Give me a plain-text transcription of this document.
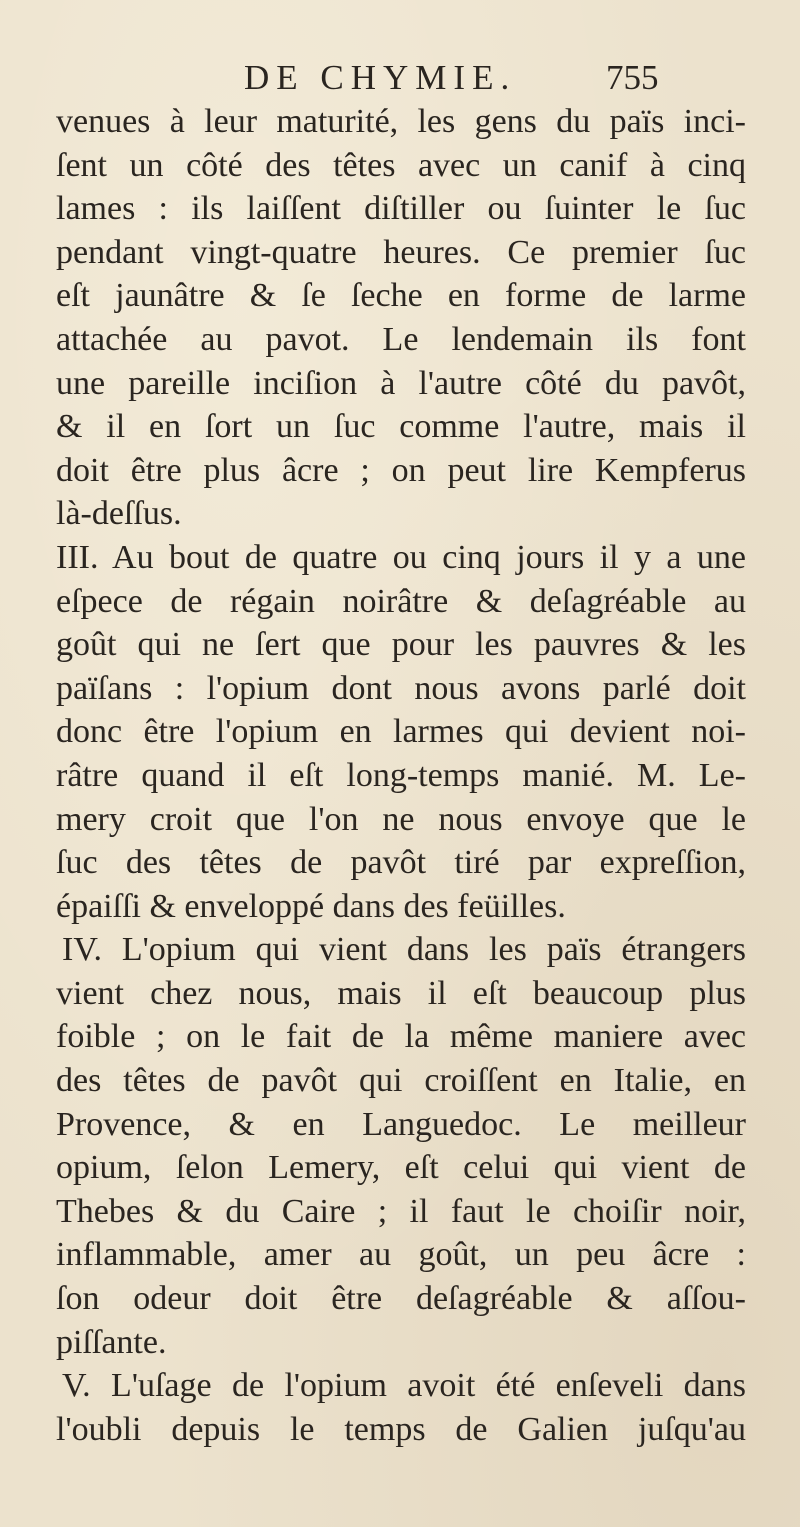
DE CHYMIE.	755
venues à leur maturité, les gens du païs inci-
ſent un côté des têtes avec un canif à cinq
lames : ils laiſſent diſtiller ou ſuinter le ſuc
pendant vingt-quatre heures. Ce premier ſuc
eſt jaunâtre & ſe ſeche en forme de larme
attachée au pavot. Le lendemain ils font
une pareille inciſion à l'autre côté du pavôt,
& il en ſort un ſuc comme l'autre, mais il
doit être plus âcre ; on peut lire Kempferus
là-deſſus.
III. Au bout de quatre ou cinq jours il y a une
eſpece de régain noirâtre & deſagréable au
goût qui ne ſert que pour les pauvres & les
païſans : l'opium dont nous avons parlé doit
donc être l'opium en larmes qui devient noi-
râtre quand il eſt long-temps manié. M. Le-
mery croit que l'on ne nous envoye que le
ſuc des têtes de pavôt tiré par expreſſion,
épaiſſi & enveloppé dans des feüilles.
IV. L'opium qui vient dans les païs étrangers
vient chez nous, mais il eſt beaucoup plus
foible ; on le fait de la même maniere avec
des têtes de pavôt qui croiſſent en Italie, en
Provence, & en Languedoc. Le meilleur
opium, ſelon Lemery, eſt celui qui vient de
Thebes & du Caire ; il faut le choiſir noir,
inflammable, amer au goût, un peu âcre :
ſon odeur doit être deſagréable & aſſou-
piſſante.
V. L'uſage de l'opium avoit été enſeveli dans
l'oubli depuis le temps de Galien juſqu'au
